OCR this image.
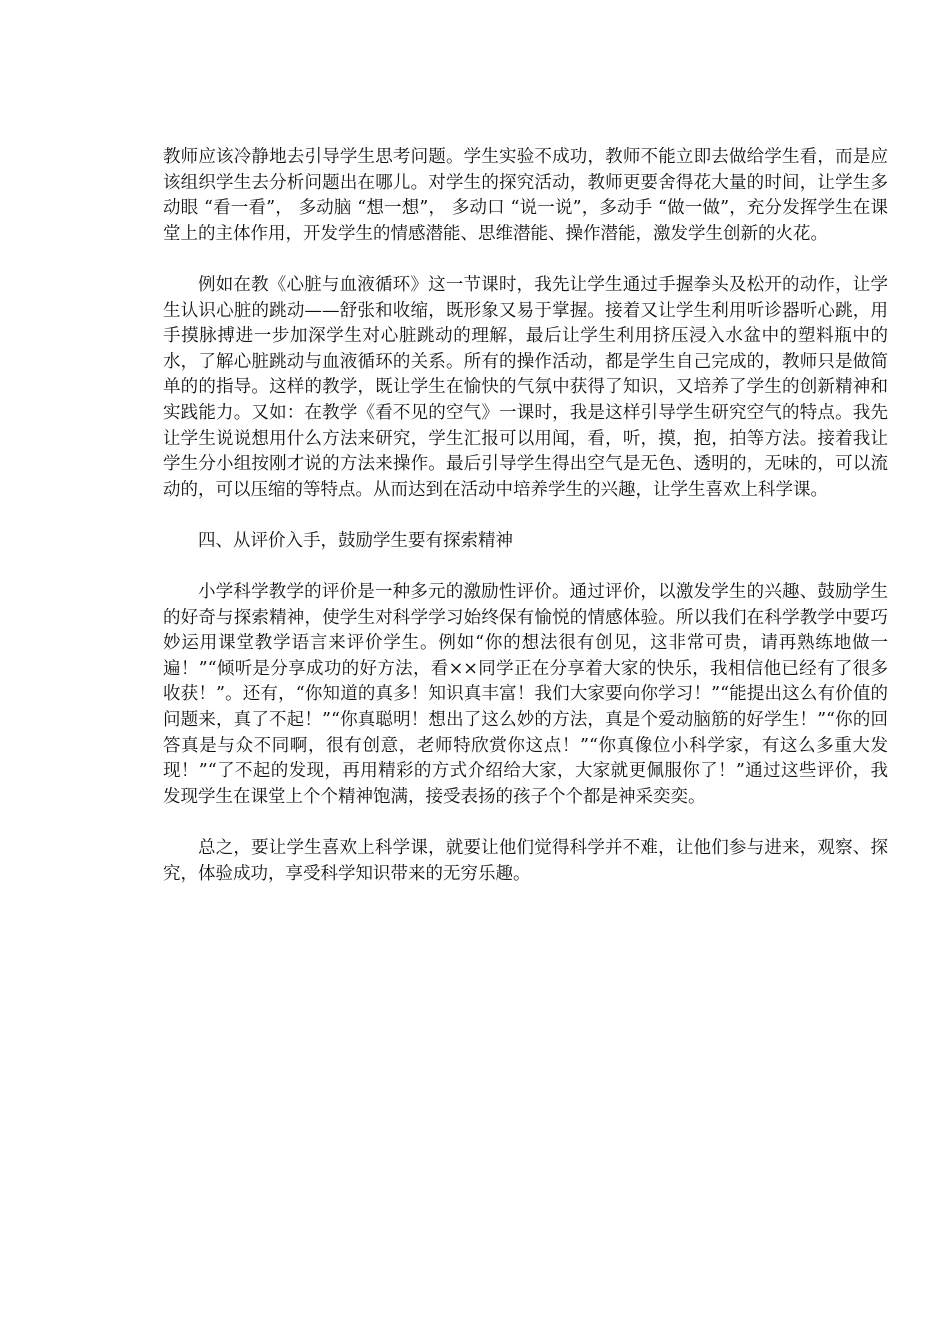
教师应该冷静地去引导学生思考问题。学生实验不成功，教师不能立即去做给学生看，而是应该组织学生去分析问题出在哪儿。对学生的探究活动，教师更要舍得花大量的时间，让学生多动眼 “看一看”， 多动脑 “想一想”， 多动口 “说一说”，多动手 “做一做”，充分发挥学生在课堂上的主体作用，开发学生的情感潜能、思维潜能、操作潜能，激发学生创新的火花。

例如在教《心脏与血液循环》这一节课时，我先让学生通过手握拳头及松开的动作，让学生认识心脏的跳动——舒张和收缩，既形象又易于掌握。接着又让学生利用听诊器听心跳，用手摸脉搏进一步加深学生对心脏跳动的理解，最后让学生利用挤压浸入水盆中的塑料瓶中的水，了解心脏跳动与血液循环的关系。所有的操作活动，都是学生自己完成的，教师只是做简单的的指导。这样的教学，既让学生在愉快的气氛中获得了知识，又培养了学生的创新精神和实践能力。又如：在教学《看不见的空气》一课时，我是这样引导学生研究空气的特点。我先让学生说说想用什么方法来研究，学生汇报可以用闻，看，听，摸，抱，拍等方法。接着我让学生分小组按刚才说的方法来操作。最后引导学生得出空气是无色、透明的，无味的，可以流动的，可以压缩的等特点。从而达到在活动中培养学生的兴趣，让学生喜欢上科学课。

四、从评价入手，鼓励学生要有探索精神

小学科学教学的评价是一种多元的激励性评价。通过评价，以激发学生的兴趣、鼓励学生的好奇与探索精神，使学生对科学学习始终保有愉悦的情感体验。所以我们在科学教学中要巧妙运用课堂教学语言来评价学生。例如“你的想法很有创见，这非常可贵，请再熟练地做一遍！”“倾听是分享成功的好方法，看××同学正在分享着大家的快乐，我相信他已经有了很多收获！”。还有，“你知道的真多！知识真丰富！我们大家要向你学习！”“能提出这么有价值的问题来，真了不起！”“你真聪明！想出了这么妙的方法，真是个爱动脑筋的好学生！”“你的回答真是与众不同啊，很有创意，老师特欣赏你这点！”“你真像位小科学家，有这么多重大发现！”“了不起的发现，再用精彩的方式介绍给大家，大家就更佩服你了！”通过这些评价，我发现学生在课堂上个个精神饱满，接受表扬的孩子个个都是神采奕奕。

总之，要让学生喜欢上科学课，就要让他们觉得科学并不难，让他们参与进来，观察、探究，体验成功，享受科学知识带来的无穷乐趣。
